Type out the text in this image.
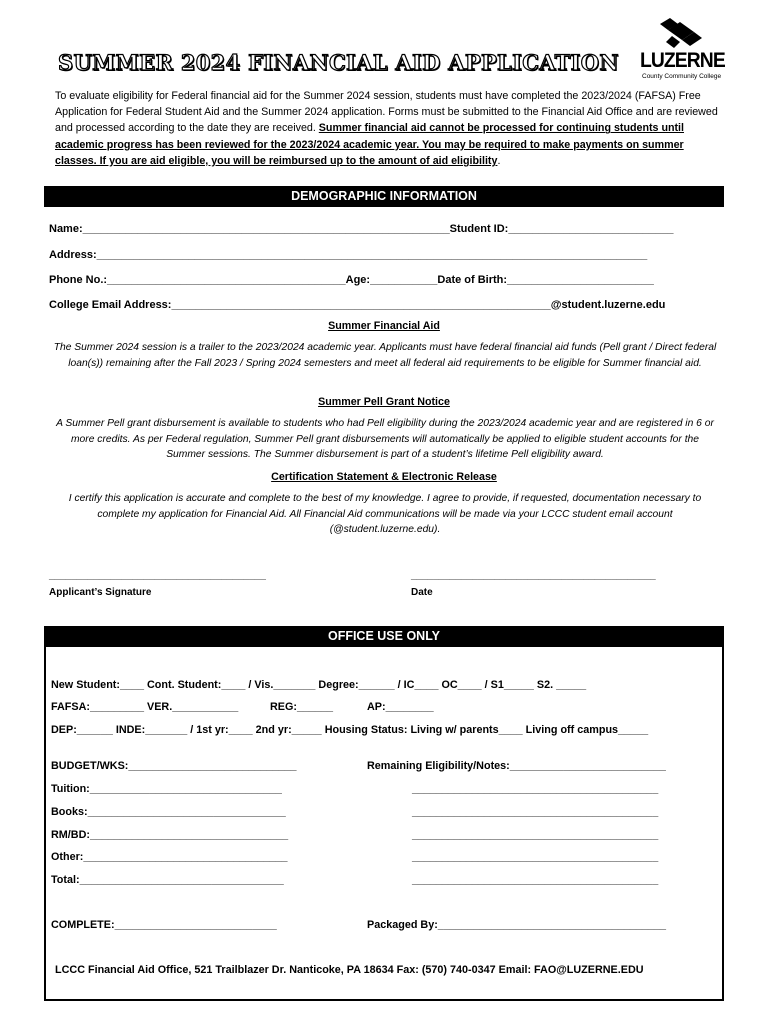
SUMMER 2024 FINANCIAL AID APPLICATION LUZERNE
County Community College
To evaluate eligibility for Federal financial aid for the Summer 2024 session, students must have completed the 2023/2024 (FAFSA) Free Application for Federal Student Aid and the Summer 2024 application. Forms must be submitted to the Financial Aid Office and are reviewed and processed according to the date they are received. Summer financial aid cannot be processed for continuing students until academic progress has been reviewed for the 2023/2024 academic year. You may be required to make payments on summer classes. If you are aid eligible, you will be reimbursed up to the amount of aid eligibility.
DEMOGRAPHIC INFORMATION
Name:____________________________________________________________Student ID:___________________________
Address:__________________________________________________________________________________________
Phone No.:_______________________________________Age:___________Date of Birth:________________________
College Email Address:______________________________________________________________@student.luzerne.edu
Summer Financial Aid
The Summer 2024 session is a trailer to the 2023/2024 academic year. Applicants must have federal financial aid funds (Pell grant / Direct federal loan(s)) remaining after the Fall 2023 / Spring 2024 semesters and meet all federal aid requirements to be eligible for Summer financial aid.
Summer Pell Grant Notice
A Summer Pell grant disbursement is available to students who had Pell eligibility during the 2023/2024 academic year and are registered in 6 or more credits. As per Federal regulation, Summer Pell grant disbursements will automatically be applied to eligible student accounts for the Summer sessions. The Summer disbursement is part of a student’s lifetime Pell eligibility award.
Certification Statement & Electronic Release
I certify this application is accurate and complete to the best of my knowledge. I agree to provide, if requested, documentation necessary to complete my application for Financial Aid. All Financial Aid communications will be made via your LCCC student email account (@student.luzerne.edu).
_______________________________________
Applicant’s Signature
____________________________________________
Date
OFFICE USE ONLY
New Student:____ Cont. Student:____ / Vis._______ Degree:______ / IC____ OC____ / S1_____ S2. _____
FAFSA:_________ VER.___________	REG:______	AP:________
DEP:______ INDE:_______ / 1st yr:____ 2nd yr:_____ Housing Status: Living w/ parents____ Living off campus_____
BUDGET/WKS:____________________________
Tuition:________________________________
Books:_________________________________
RM/BD:_________________________________
Other:__________________________________
Total:__________________________________
Remaining Eligibility/Notes:__________________________
_________________________________________
_________________________________________
_________________________________________
_________________________________________
_________________________________________
COMPLETE:___________________________	Packaged By:______________________________________
LCCC Financial Aid Office, 521 Trailblazer Dr. Nanticoke, PA 18634 Fax: (570) 740-0347 Email: FAO@LUZERNE.EDU
